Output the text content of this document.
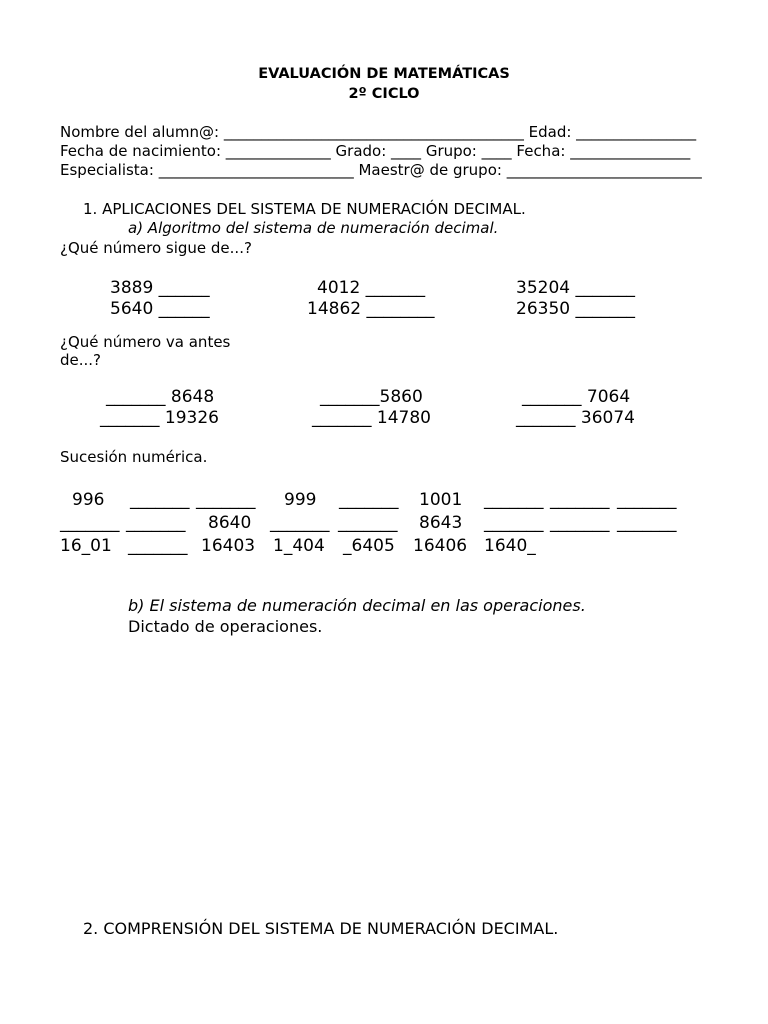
EVALUACIÓN DE MATEMÁTICAS
2º CICLO
Nombre del alumn@: ________________________________________ Edad: ________________
Fecha de nacimiento: ______________ Grado: ____ Grupo: ____ Fecha: ________________
Especialista: __________________________ Maestr@ de grupo: __________________________
1. APLICACIONES DEL SISTEMA DE NUMERACIÓN DECIMAL.
a) Algoritmo del sistema de numeración decimal.
¿Qué número sigue de...?
3889 ______	4012 _______	35204 _______
5640 ______	14862 ________	26350 _______
¿Qué número va antes
de...?
_______ 8648	_______5860	_______ 7064
_______ 19326	_______ 14780	_______ 36074
Sucesión numérica.
996 _______ _______ 999 _______ 1001 _______ _______ _______
_______ _______ 8640 _______ _______ 8643 _______ _______ _______
16_01 _______ 16403 1_404 _6405 16406 1640_
b) El sistema de numeración decimal en las operaciones.
Dictado de operaciones.
2. COMPRENSIÓN DEL SISTEMA DE NUMERACIÓN DECIMAL.
